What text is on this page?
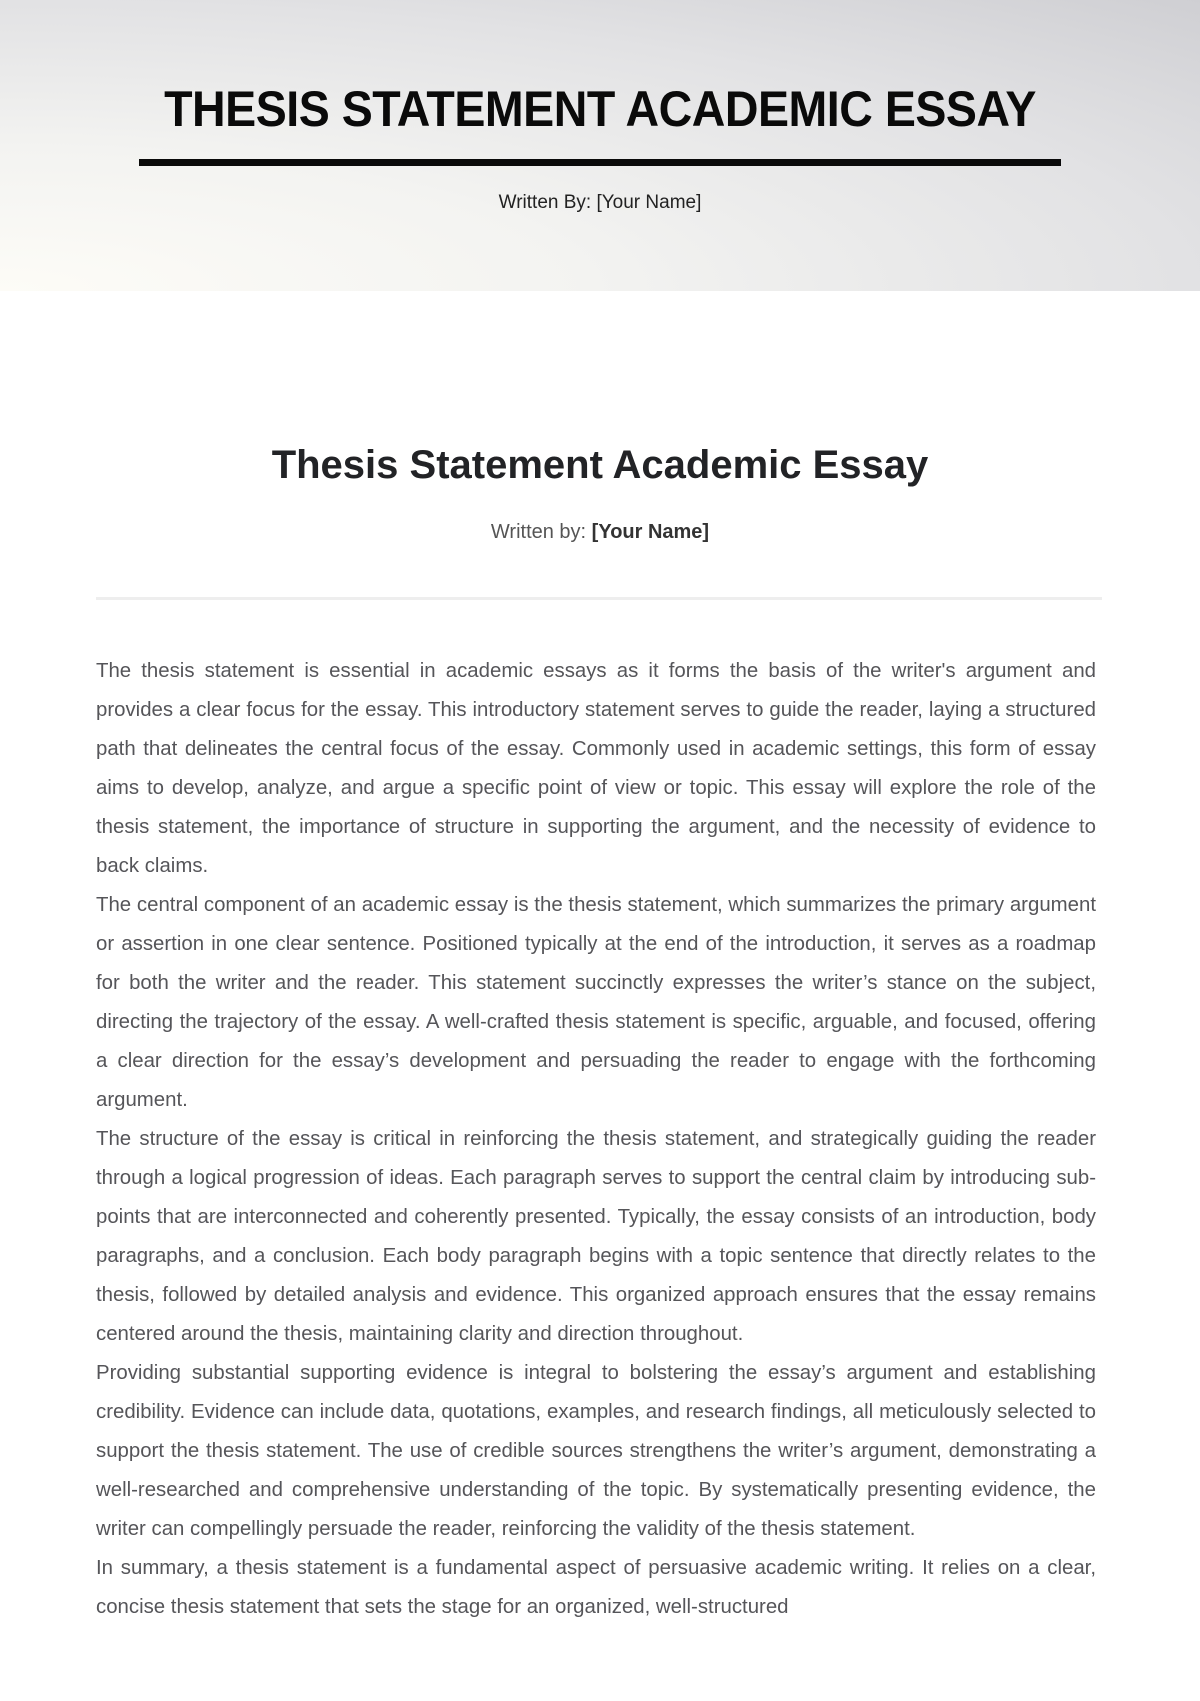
THESIS STATEMENT ACADEMIC ESSAY
Written By: [Your Name]
Thesis Statement Academic Essay
Written by: [Your Name]

The thesis statement is essential in academic essays as it forms the basis of the writer's argument and provides a clear focus for the essay. This introductory statement serves to guide the reader, laying a structured path that delineates the central focus of the essay. Commonly used in academic settings, this form of essay aims to develop, analyze, and argue a specific point of view or topic. This essay will explore the role of the thesis statement, the importance of structure in supporting the argument, and the necessity of evidence to back claims.

The central component of an academic essay is the thesis statement, which summarizes the primary argument or assertion in one clear sentence. Positioned typically at the end of the introduction, it serves as a roadmap for both the writer and the reader. This statement succinctly expresses the writer’s stance on the subject, directing the trajectory of the essay. A well-crafted thesis statement is specific, arguable, and focused, offering a clear direction for the essay’s development and persuading the reader to engage with the forthcoming argument.

The structure of the essay is critical in reinforcing the thesis statement, and strategically guiding the reader through a logical progression of ideas. Each paragraph serves to support the central claim by introducing sub-points that are interconnected and coherently presented. Typically, the essay consists of an introduction, body paragraphs, and a conclusion. Each body paragraph begins with a topic sentence that directly relates to the thesis, followed by detailed analysis and evidence. This organized approach ensures that the essay remains centered around the thesis, maintaining clarity and direction throughout.

Providing substantial supporting evidence is integral to bolstering the essay’s argument and establishing credibility. Evidence can include data, quotations, examples, and research findings, all meticulously selected to support the thesis statement. The use of credible sources strengthens the writer’s argument, demonstrating a well-researched and comprehensive understanding of the topic. By systematically presenting evidence, the writer can compellingly persuade the reader, reinforcing the validity of the thesis statement.

In summary, a thesis statement is a fundamental aspect of persuasive academic writing. It relies on a clear, concise thesis statement that sets the stage for an organized, well-structured
